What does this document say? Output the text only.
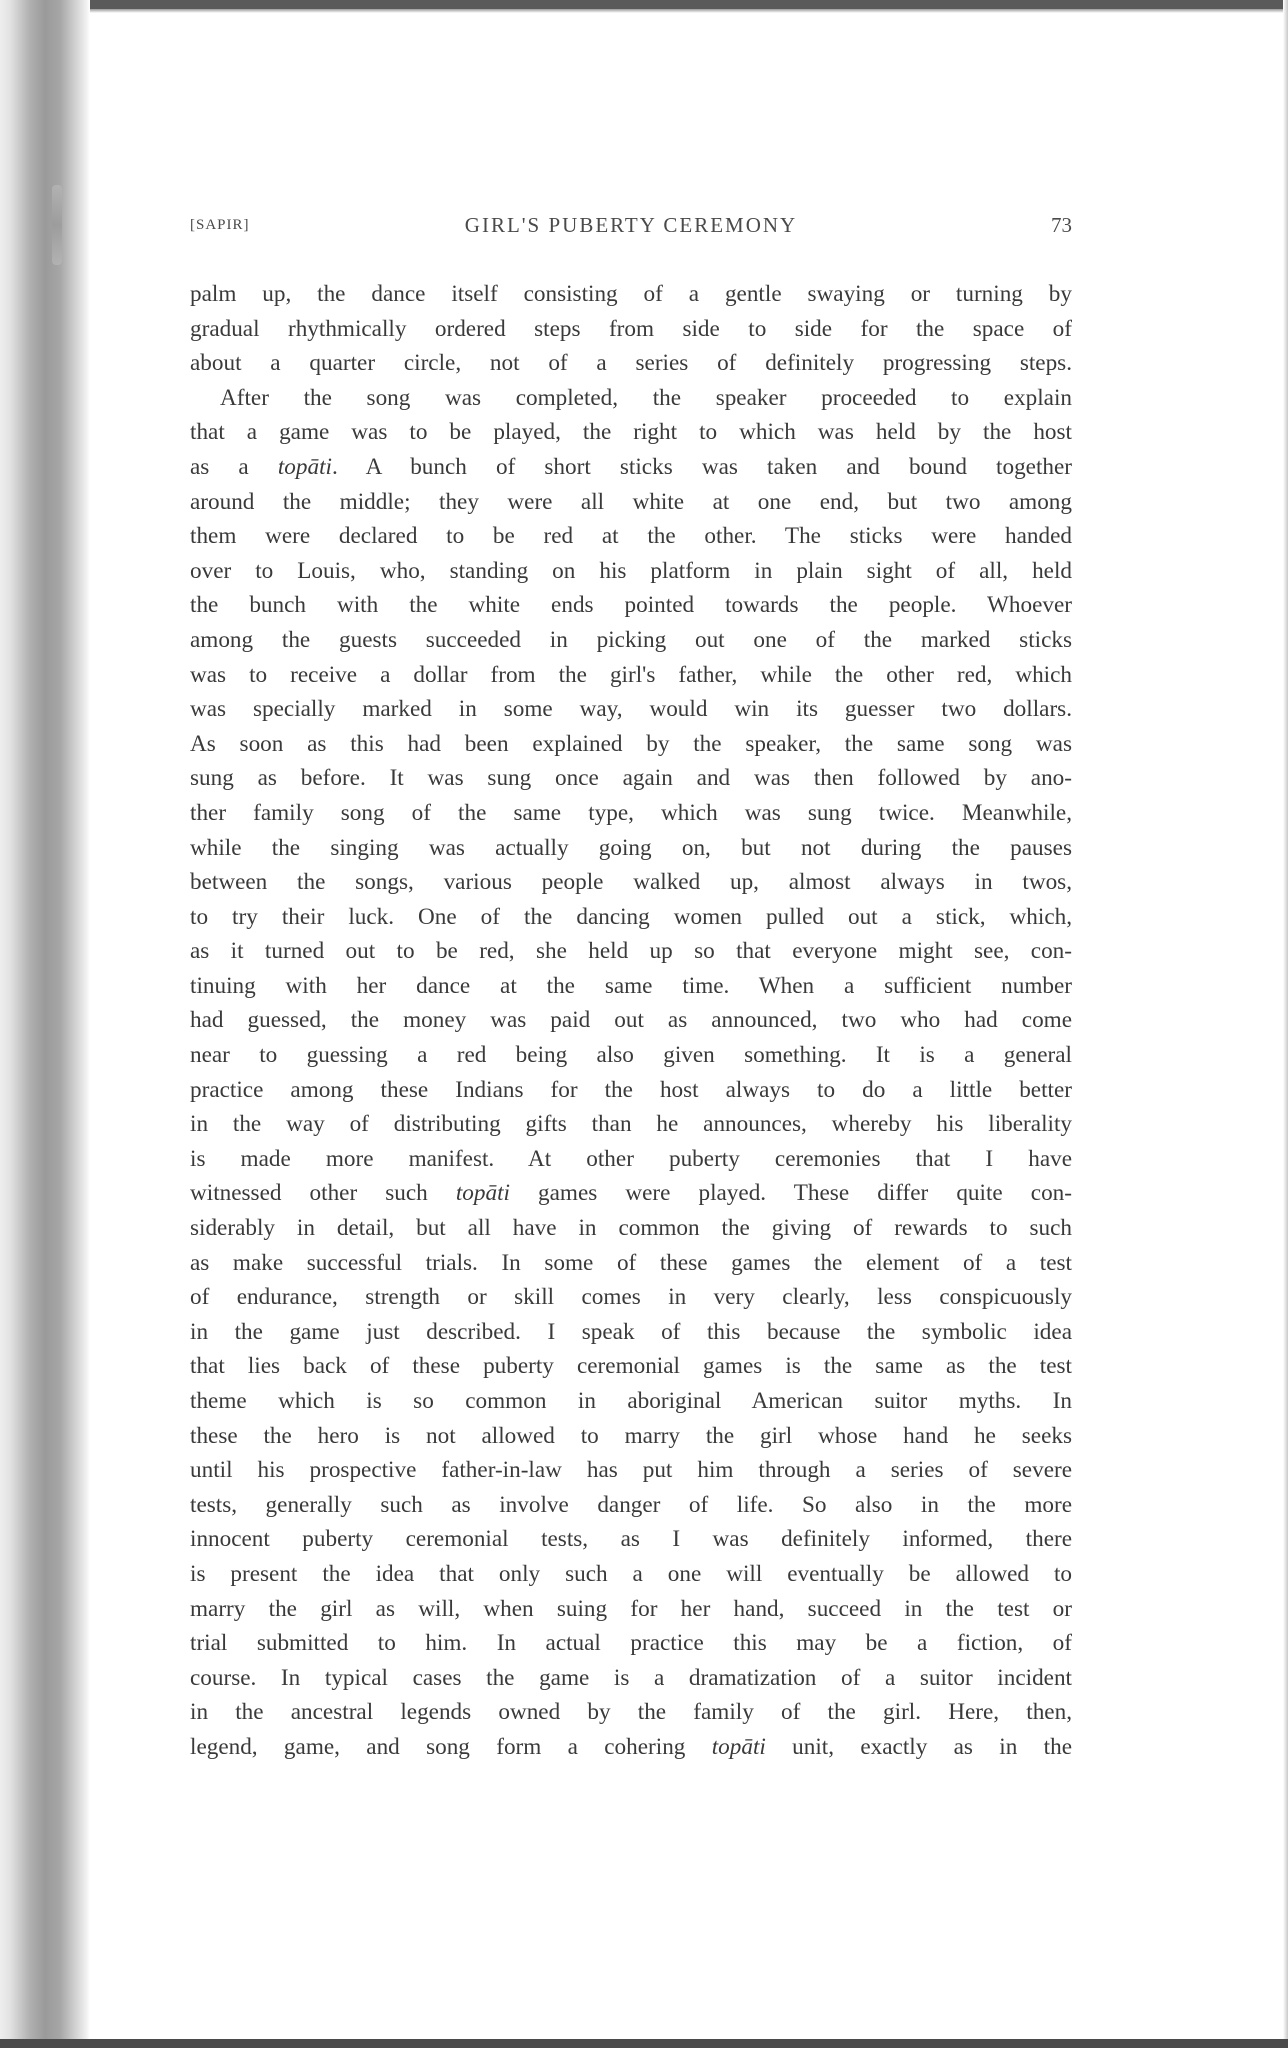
[SAPIR]	GIRL'S PUBERTY CEREMONY	73
palm up, the dance itself consisting of a gentle swaying or turning by
gradual rhythmically ordered steps from side to side for the space of
about a quarter circle, not of a series of definitely progressing steps.
After the song was completed, the speaker proceeded to explain
that a game was to be played, the right to which was held by the host
as a topāti. A bunch of short sticks was taken and bound together
around the middle; they were all white at one end, but two among
them were declared to be red at the other. The sticks were handed
over to Louis, who, standing on his platform in plain sight of all, held
the bunch with the white ends pointed towards the people. Whoever
among the guests succeeded in picking out one of the marked sticks
was to receive a dollar from the girl's father, while the other red, which
was specially marked in some way, would win its guesser two dollars.
As soon as this had been explained by the speaker, the same song was
sung as before. It was sung once again and was then followed by ano-
ther family song of the same type, which was sung twice. Meanwhile,
while the singing was actually going on, but not during the pauses
between the songs, various people walked up, almost always in twos,
to try their luck. One of the dancing women pulled out a stick, which,
as it turned out to be red, she held up so that everyone might see, con-
tinuing with her dance at the same time. When a sufficient number
had guessed, the money was paid out as announced, two who had come
near to guessing a red being also given something. It is a general
practice among these Indians for the host always to do a little better
in the way of distributing gifts than he announces, whereby his liberality
is made more manifest. At other puberty ceremonies that I have
witnessed other such topāti games were played. These differ quite con-
siderably in detail, but all have in common the giving of rewards to such
as make successful trials. In some of these games the element of a test
of endurance, strength or skill comes in very clearly, less conspicuously
in the game just described. I speak of this because the symbolic idea
that lies back of these puberty ceremonial games is the same as the test
theme which is so common in aboriginal American suitor myths. In
these the hero is not allowed to marry the girl whose hand he seeks
until his prospective father-in-law has put him through a series of severe
tests, generally such as involve danger of life. So also in the more
innocent puberty ceremonial tests, as I was definitely informed, there
is present the idea that only such a one will eventually be allowed to
marry the girl as will, when suing for her hand, succeed in the test or
trial submitted to him. In actual practice this may be a fiction, of
course. In typical cases the game is a dramatization of a suitor incident
in the ancestral legends owned by the family of the girl. Here, then,
legend, game, and song form a cohering topāti unit, exactly as in the
